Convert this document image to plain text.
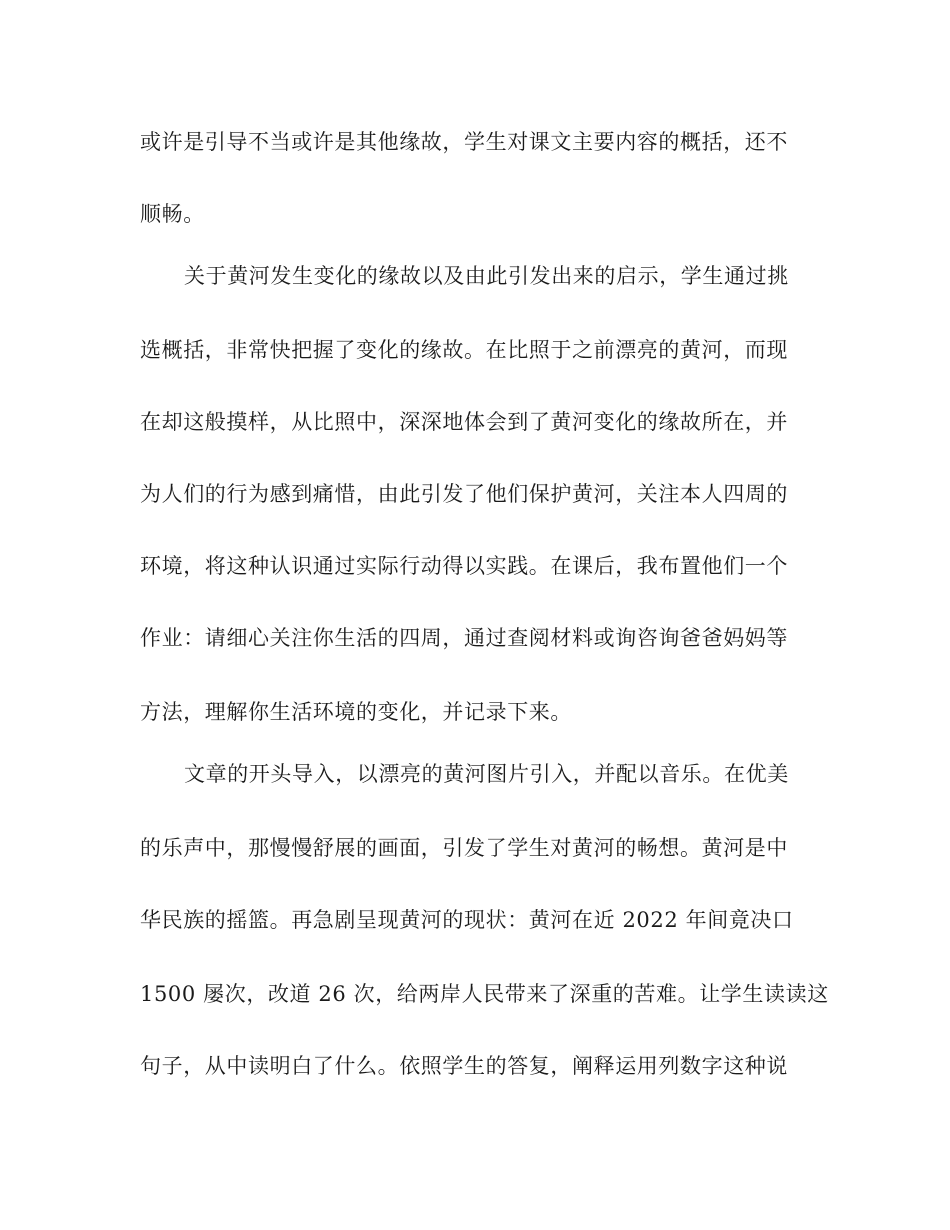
或许是引导不当或许是其他缘故，学生对课文主要内容的概括，还不
顺畅。
关于黄河发生变化的缘故以及由此引发出来的启示，学生通过挑
选概括，非常快把握了变化的缘故。在比照于之前漂亮的黄河，而现
在却这般摸样，从比照中，深深地体会到了黄河变化的缘故所在，并
为人们的行为感到痛惜，由此引发了他们保护黄河，关注本人四周的
环境，将这种认识通过实际行动得以实践。在课后，我布置他们一个
作业：请细心关注你生活的四周，通过查阅材料或询咨询爸爸妈妈等
方法，理解你生活环境的变化，并记录下来。
文章的开头导入，以漂亮的黄河图片引入，并配以音乐。在优美
的乐声中，那慢慢舒展的画面，引发了学生对黄河的畅想。黄河是中
华民族的摇篮。再急剧呈现黄河的现状：黄河在近 2022 年间竟决口
1500 屡次，改道 26 次，给两岸人民带来了深重的苦难。让学生读读这
句子，从中读明白了什么。依照学生的答复，阐释运用列数字这种说
